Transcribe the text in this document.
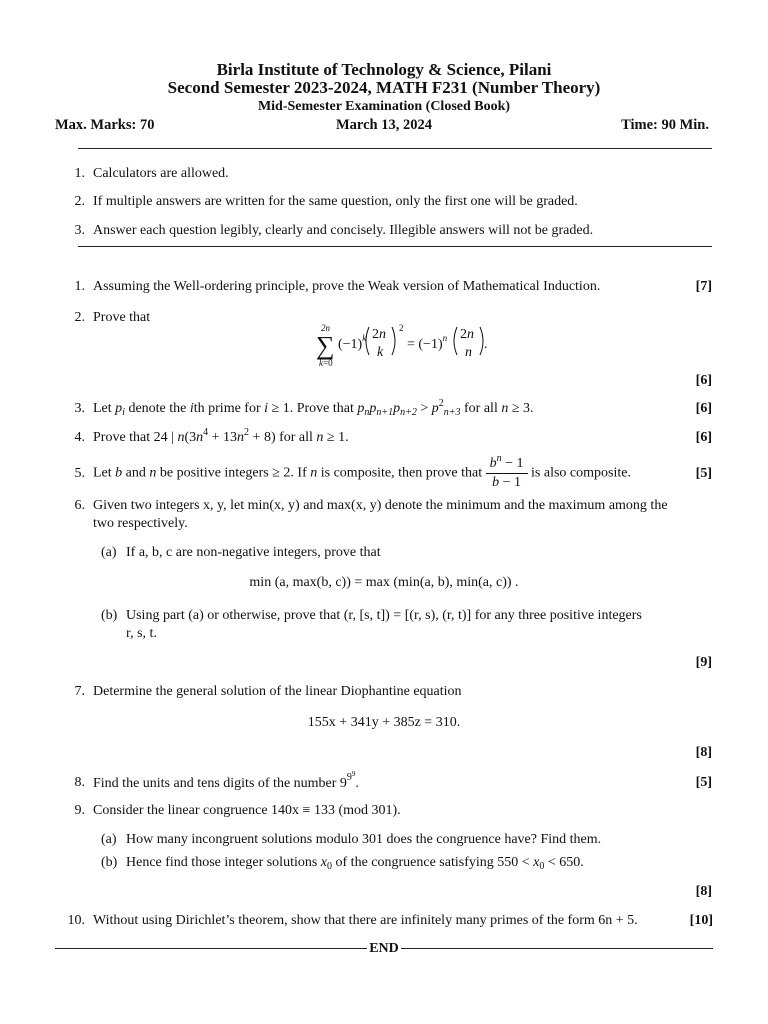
Birla Institute of Technology & Science, Pilani
Second Semester 2023-2024, MATH F231 (Number Theory)
Mid-Semester Examination (Closed Book)
Max. Marks: 70	March 13, 2024	Time: 90 Min.
1. Calculators are allowed.
2. If multiple answers are written for the same question, only the first one will be graded.
3. Answer each question legibly, clearly and concisely. Illegible answers will not be graded.
1. Assuming the Well-ordering principle, prove the Weak version of Mathematical Induction.	[7]
2. Prove that
2n
∑
k=0
$(-1)^k$ 2n
k
2
= $(-1)^n$ 2n
n
.
[6]
3. Let $p_i$ denote the ith prime for i ≥ 1. Prove that $p_np_{n+1}p_{n+2} > p^2_{n+3}$ for all n ≥ 3.	[6]
4. Prove that 24 | $n(3n^4 + 13n^2 + 8)$ for all n ≥ 1.	[6]
5. Let b and n be positive integers ≥ 2. If n is composite, then prove that $\frac{b^n - 1}{b - 1}$ is also composite.	[5]
6. Given two integers x, y, let min(x, y) and max(x, y) denote the minimum and the maximum among the
two respectively.
(a) If a, b, c are non-negative integers, prove that
min (a, max(b, c)) = max (min(a, b), min(a, c)) .
(b) Using part (a) or otherwise, prove that (r, [s, t]) = [(r, s), (r, t)] for any three positive integers
r, s, t.
[9]
7. Determine the general solution of the linear Diophantine equation
155x + 341y + 385z = 310.
[8]
8. Find the units and tens digits of the number $9^{9^9}$.	[5]
9. Consider the linear congruence 140x ≡ 133 (mod 301).
(a) How many incongruent solutions modulo 301 does the congruence have? Find them.
(b) Hence find those integer solutions $x_0$ of the congruence satisfying $550 < x_0 < 650$.
[8]
10. Without using Dirichlet’s theorem, show that there are infinitely many primes of the form 6n + 5.	[10]
END
